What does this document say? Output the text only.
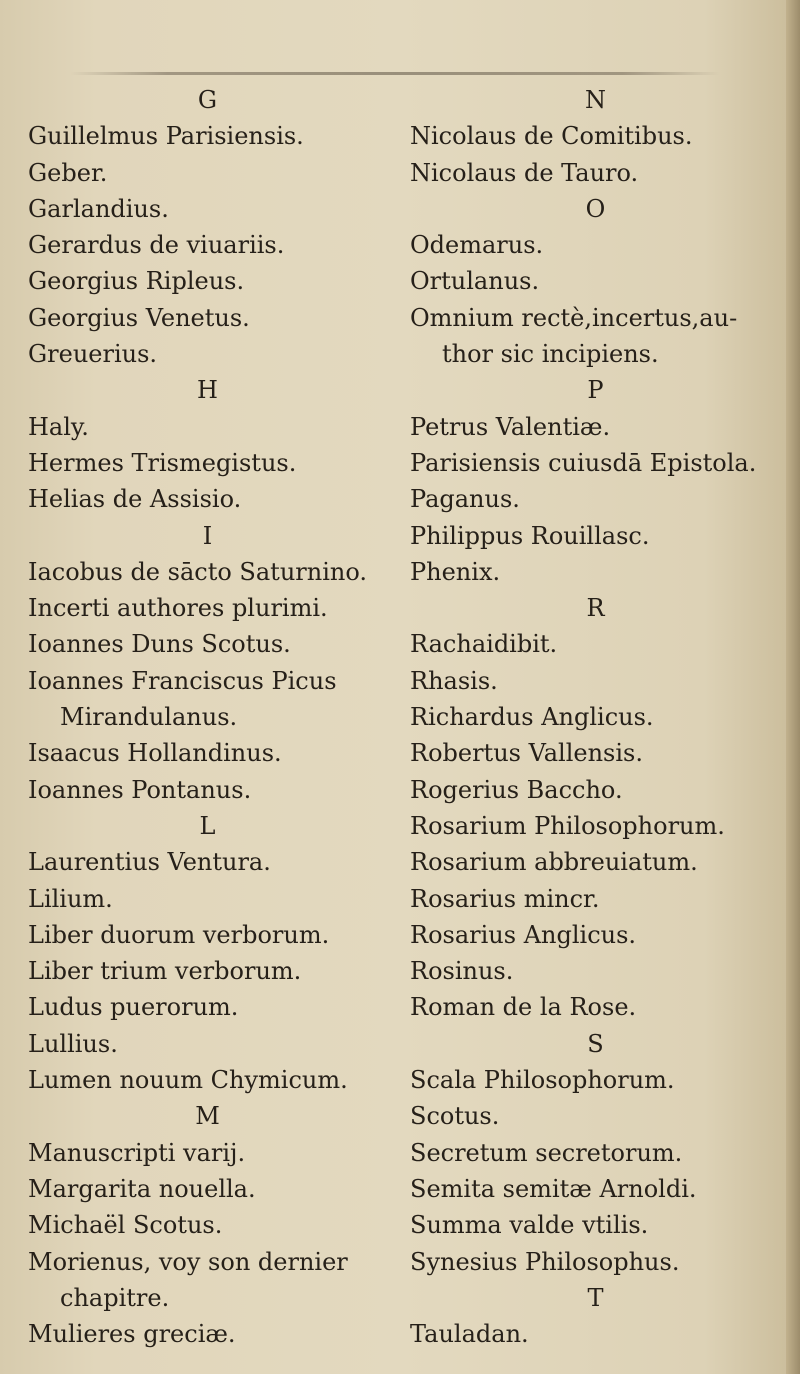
G
Guillelmus Parisiensis.
Geber.
Garlandius.
Gerardus de viuariis.
Georgius Ripleus.
Georgius Venetus.
Greuerius.
H
Haly.
Hermes Trismegistus.
Helias de Assisio.
I
Iacobus de sācto Saturnino.
Incerti authores plurimi.
Ioannes Duns Scotus.
Ioannes Franciscus Picus
Mirandulanus.
Isaacus Hollandinus.
Ioannes Pontanus.
L
Laurentius Ventura.
Lilium.
Liber duorum verborum.
Liber trium verborum.
Ludus puerorum.
Lullius.
Lumen nouum Chymicum.
M
Manuscripti varij.
Margarita nouella.
Michaël Scotus.
Morienus, voy son dernier
chapitre.
Mulieres greciæ.
N
Nicolaus de Comitibus.
Nicolaus de Tauro.
O
Odemarus.
Ortulanus.
Omnium rectè,incertus,au-
thor sic incipiens.
P
Petrus Valentiæ.
Parisiensis cuiusdā Epistola.
Paganus.
Philippus Rouillasc.
Phenix.
R
Rachaidibit.
Rhasis.
Richardus Anglicus.
Robertus Vallensis.
Rogerius Baccho.
Rosarium Philosophorum.
Rosarium abbreuiatum.
Rosarius mincr.
Rosarius Anglicus.
Rosinus.
Roman de la Rose.
S
Scala Philosophorum.
Scotus.
Secretum secretorum.
Semita semitæ Arnoldi.
Summa valde vtilis.
Synesius Philosophus.
T
Tauladan.
